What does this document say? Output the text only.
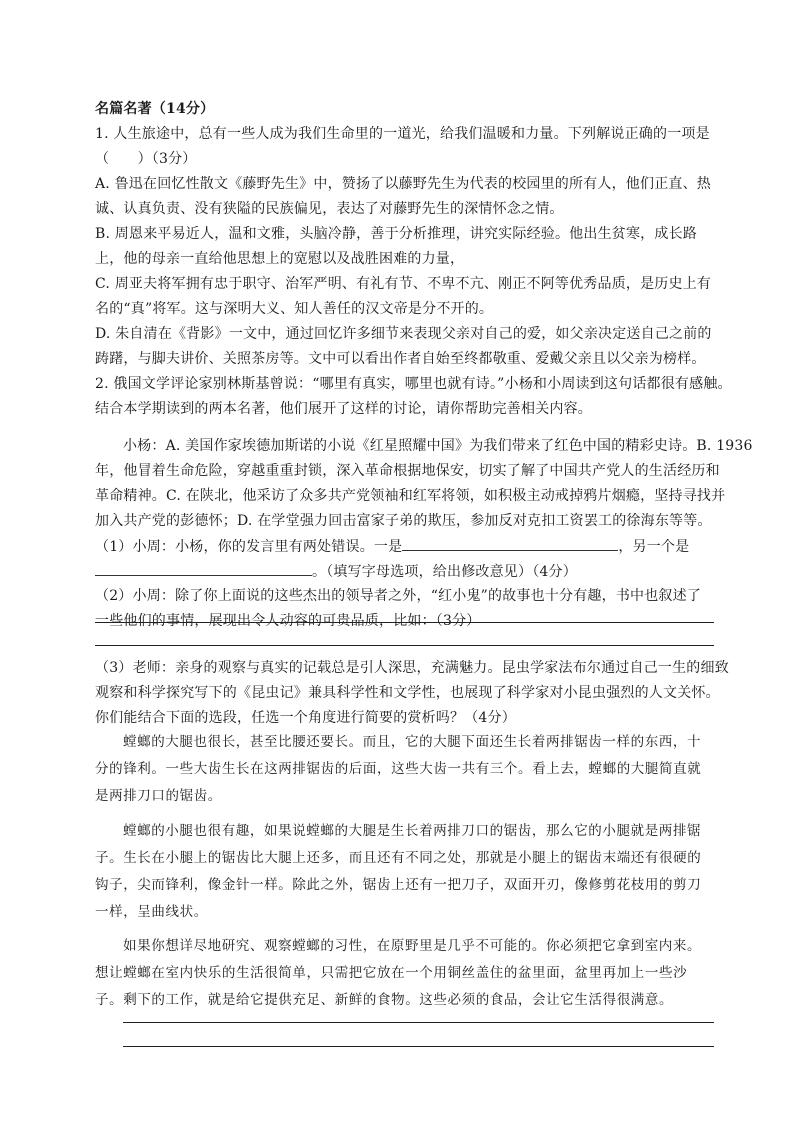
名篇名著（14分）
1. 人生旅途中，总有一些人成为我们生命里的一道光，给我们温暖和力量。下列解说正确的一项是
（　　）（3分）
A. 鲁迅在回忆性散文《藤野先生》中，赞扬了以藤野先生为代表的校园里的所有人，他们正直、热
诚、认真负责、没有狭隘的民族偏见，表达了对藤野先生的深情怀念之情。
B. 周恩来平易近人，温和文雅，头脑冷静，善于分析推理，讲究实际经验。他出生贫寒，成长路
上，他的母亲一直给他思想上的宽慰以及战胜困难的力量，
C. 周亚夫将军拥有忠于职守、治军严明、有礼有节、不卑不亢、刚正不阿等优秀品质，是历史上有
名的“真”将军。这与深明大义、知人善任的汉文帝是分不开的。
D. 朱自清在《背影》一文中，通过回忆许多细节来表现父亲对自己的爱，如父亲决定送自己之前的
踌躇，与脚夫讲价、关照茶房等。文中可以看出作者自始至终都敬重、爱戴父亲且以父亲为榜样。
2. 俄国文学评论家别林斯基曾说：“哪里有真实，哪里也就有诗。”小杨和小周读到这句话都很有感触。
结合本学期读到的两本名著，他们展开了这样的讨论，请你帮助完善相关内容。
小杨：A. 美国作家埃德加斯诺的小说《红星照耀中国》为我们带来了红色中国的精彩史诗。B. 1936
年，他冒着生命危险，穿越重重封锁，深入革命根据地保安，切实了解了中国共产党人的生活经历和
革命精神。C. 在陕北，他采访了众多共产党领袖和红军将领，如积极主动戒掉鸦片烟瘾，坚持寻找并
加入共产党的彭德怀；D. 在学堂强力回击富家子弟的欺压，参加反对克扣工资罢工的徐海东等等。
（1）小周：小杨，你的发言里有两处错误。一是	，另一个是
。（填写字母选项，给出修改意见）（4分）
（2）小周：除了你上面说的这些杰出的领导者之外，“红小鬼”的故事也十分有趣，书中也叙述了
一些他们的事情，展现出令人动容的可贵品质，比如：（3分）
（3）老师：亲身的观察与真实的记载总是引人深思，充满魅力。昆虫学家法布尔通过自己一生的细致
观察和科学探究写下的《昆虫记》兼具科学性和文学性，也展现了科学家对小昆虫强烈的人文关怀。
你们能结合下面的选段，任选一个角度进行简要的赏析吗？（4分）
螳螂的大腿也很长，甚至比腰还要长。而且，它的大腿下面还生长着两排锯齿一样的东西，十
分的锋利。一些大齿生长在这两排锯齿的后面，这些大齿一共有三个。看上去，螳螂的大腿简直就
是两排刀口的锯齿。
螳螂的小腿也很有趣，如果说螳螂的大腿是生长着两排刀口的锯齿，那么它的小腿就是两排锯
子。生长在小腿上的锯齿比大腿上还多，而且还有不同之处，那就是小腿上的锯齿末端还有很硬的
钩子，尖而锋利，像金针一样。除此之外，锯齿上还有一把刀子，双面开刃，像修剪花枝用的剪刀
一样，呈曲线状。
如果你想详尽地研究、观察螳螂的习性，在原野里是几乎不可能的。你必须把它拿到室内来。
想让螳螂在室内快乐的生活很简单，只需把它放在一个用铜丝盖住的盆里面，盆里再加上一些沙
子。剩下的工作，就是给它提供充足、新鲜的食物。这些必须的食品，会让它生活得很满意。
